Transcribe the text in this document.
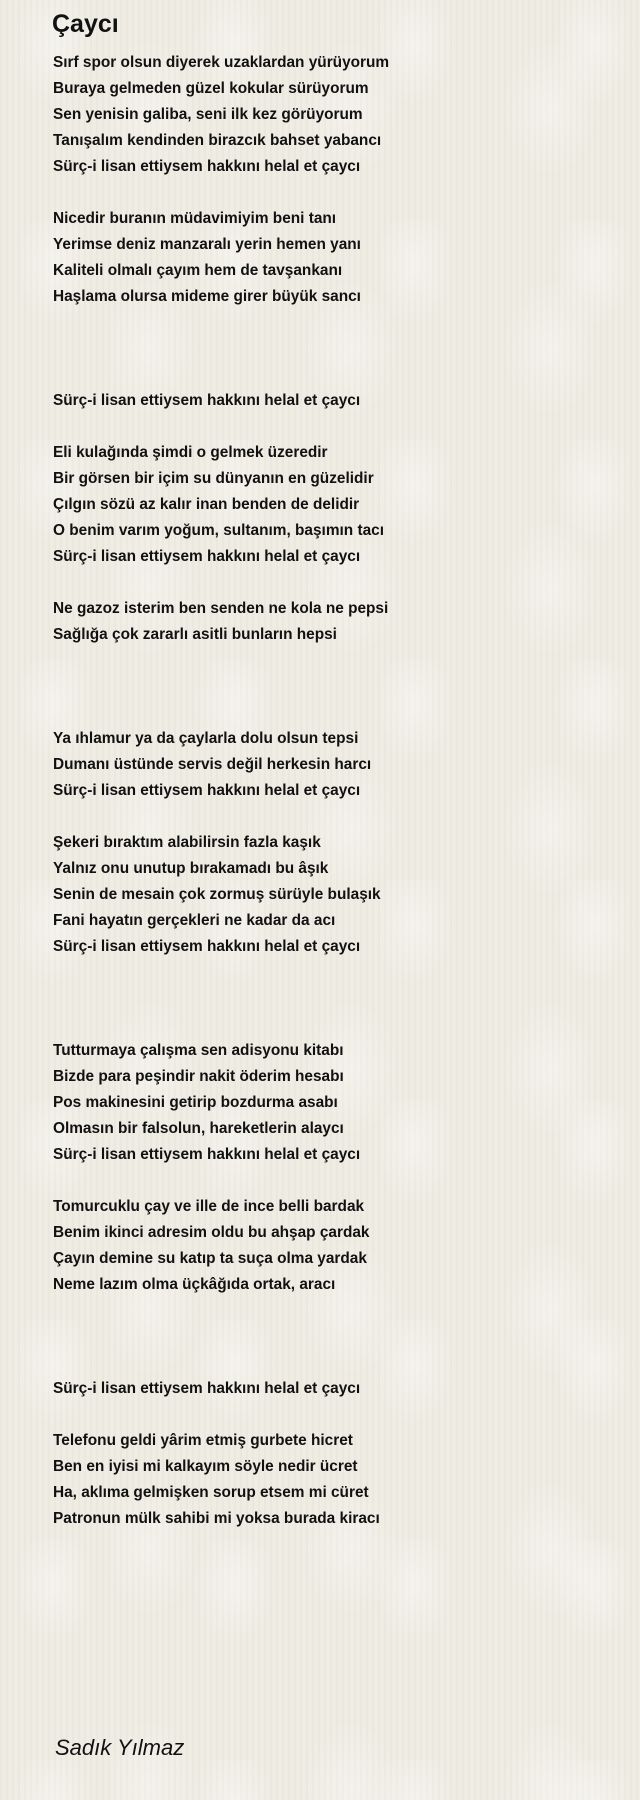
Çaycı
Sırf spor olsun diyerek uzaklardan yürüyorum
Buraya gelmeden güzel kokular sürüyorum
Sen yenisin galiba, seni ilk kez görüyorum
Tanışalım kendinden birazcık bahset yabancı
Sürç-i lisan ettiysem hakkını helal et çaycı
Nicedir buranın müdavimiyim beni tanı
Yerimse deniz manzaralı yerin hemen yanı
Kaliteli olmalı çayım hem de tavşankanı
Haşlama olursa mideme girer büyük sancı
Sürç-i lisan ettiysem hakkını helal et çaycı
Eli kulağında şimdi o gelmek üzeredir
Bir görsen bir içim su dünyanın en güzelidir
Çılgın sözü az kalır inan benden de delidir
O benim varım yoğum, sultanım, başımın tacı
Sürç-i lisan ettiysem hakkını helal et çaycı
Ne gazoz isterim ben senden ne kola ne pepsi
Sağlığa çok zararlı asitli bunların hepsi
Ya ıhlamur ya da çaylarla dolu olsun tepsi
Dumanı üstünde servis değil herkesin harcı
Sürç-i lisan ettiysem hakkını helal et çaycı
Şekeri bıraktım alabilirsin fazla kaşık
Yalnız onu unutup bırakamadı bu âşık
Senin de mesain çok zormuş sürüyle bulaşık
Fani hayatın gerçekleri ne kadar da acı
Sürç-i lisan ettiysem hakkını helal et çaycı
Tutturmaya çalışma sen adisyonu kitabı
Bizde para peşindir nakit öderim hesabı
Pos makinesini getirip bozdurma asabı
Olmasın bir falsolun, hareketlerin alaycı
Sürç-i lisan ettiysem hakkını helal et çaycı
Tomurcuklu çay ve ille de ince belli bardak
Benim ikinci adresim oldu bu ahşap çardak
Çayın demine su katıp ta suça olma yardak
Neme lazım olma üçkâğıda ortak, aracı
Sürç-i lisan ettiysem hakkını helal et çaycı
Telefonu geldi yârim etmiş gurbete hicret
Ben en iyisi mi kalkayım söyle nedir ücret
Ha, aklıma gelmişken sorup etsem mi cüret
Patronun mülk sahibi mi yoksa burada kiracı
Sadık Yılmaz
